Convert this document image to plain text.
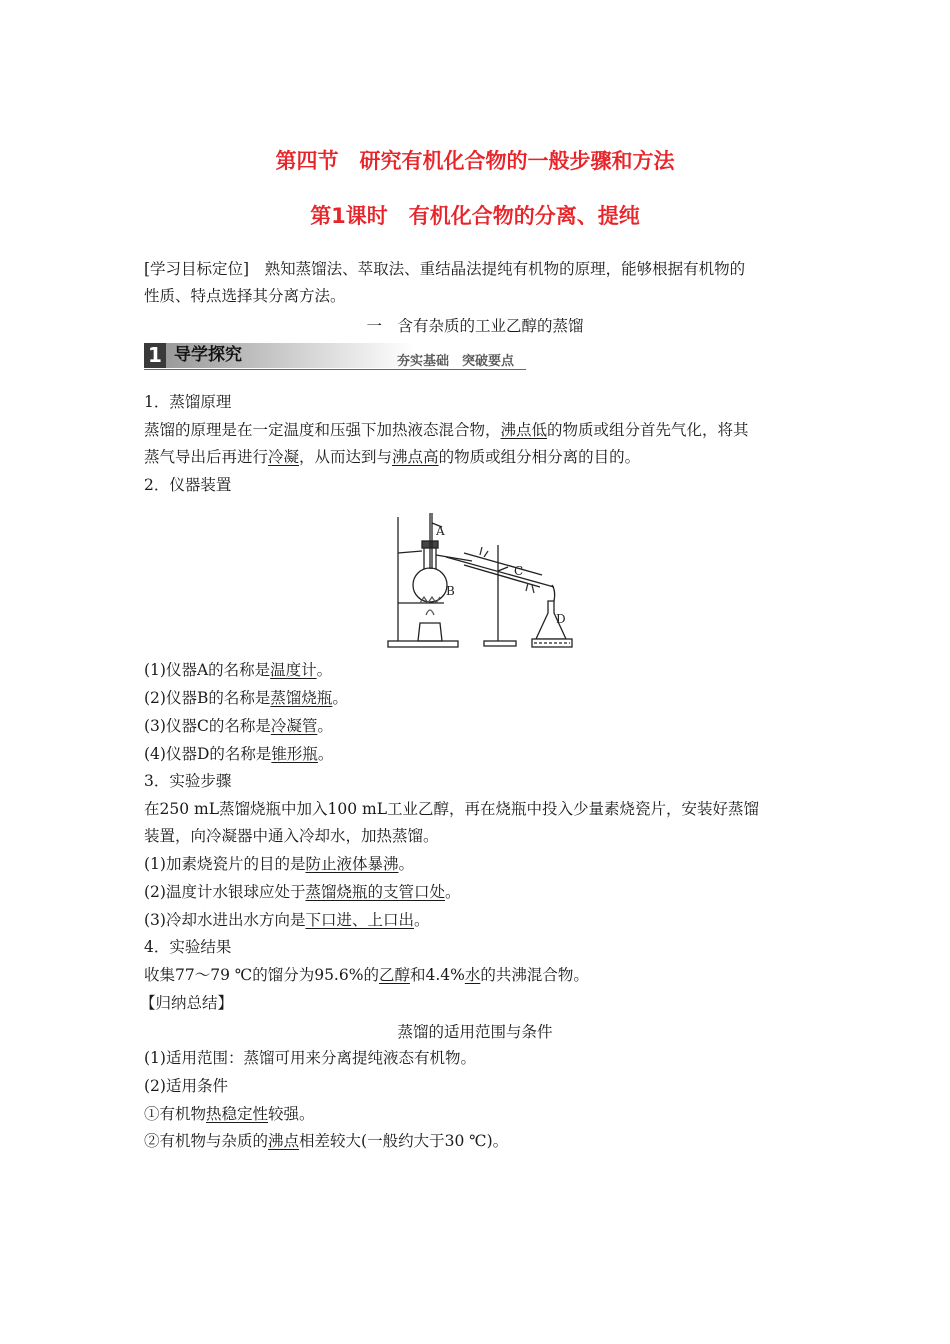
第四节　研究有机化合物的一般步骤和方法
第1课时　有机化合物的分离、提纯
[学习目标定位]　熟知蒸馏法、萃取法、重结晶法提纯有机物的原理，能够根据有机物的
性质、特点选择其分离方法。
一　含有杂质的工业乙醇的蒸馏
1 导学探究	夯实基础　突破要点
1．蒸馏原理
蒸馏的原理是在一定温度和压强下加热液态混合物，沸点低的物质或组分首先气化，将其
蒸气导出后再进行冷凝，从而达到与沸点高的物质或组分相分离的目的。
2．仪器装置
A
B
C
D
(1)仪器A的名称是温度计。
(2)仪器B的名称是蒸馏烧瓶。
(3)仪器C的名称是冷凝管。
(4)仪器D的名称是锥形瓶。
3．实验步骤
在250 mL蒸馏烧瓶中加入100 mL工业乙醇，再在烧瓶中投入少量素烧瓷片，安装好蒸馏
装置，向冷凝器中通入冷却水，加热蒸馏。
(1)加素烧瓷片的目的是防止液体暴沸。
(2)温度计水银球应处于蒸馏烧瓶的支管口处。
(3)冷却水进出水方向是下口进、上口出。
4．实验结果
收集77～79 ℃的馏分为95.6%的乙醇和4.4%水的共沸混合物。
【归纳总结】
蒸馏的适用范围与条件
(1)适用范围：蒸馏可用来分离提纯液态有机物。
(2)适用条件
①有机物热稳定性较强。
②有机物与杂质的沸点相差较大(一般约大于30 ℃)。
